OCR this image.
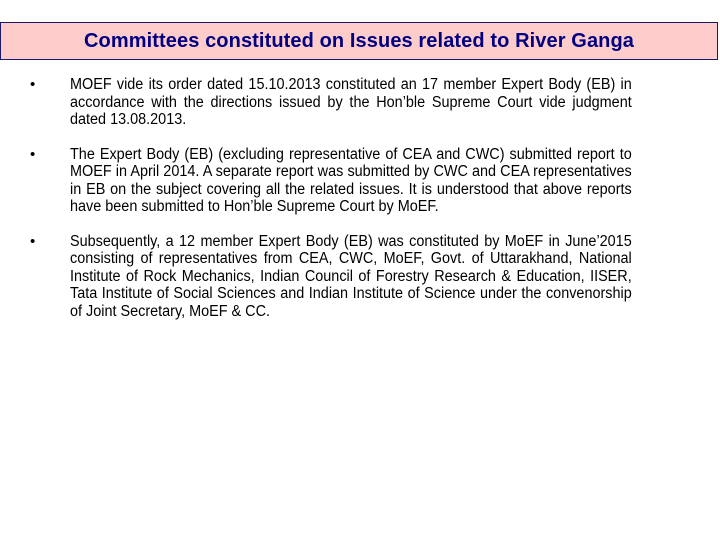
Committees constituted on Issues related to River Ganga
•	MOEF vide its order dated 15.10.2013 constituted an 17 member Expert Body (EB) in accordance with the directions issued by the Hon’ble Supreme Court vide judgment dated 13.08.2013.
•	The Expert Body (EB) (excluding representative of CEA and CWC) submitted report to MOEF in April 2014. A separate report was submitted by CWC and CEA representatives in EB on the subject covering all the related issues. It is understood that above reports have been submitted to Hon’ble Supreme Court by MoEF.
•	Subsequently, a 12 member Expert Body (EB) was constituted by MoEF in June’2015 consisting of representatives from CEA, CWC, MoEF, Govt. of Uttarakhand, National Institute of Rock Mechanics, Indian Council of Forestry Research & Education, IISER, Tata Institute of Social Sciences and Indian Institute of Science under the convenorship of Joint Secretary, MoEF & CC.
